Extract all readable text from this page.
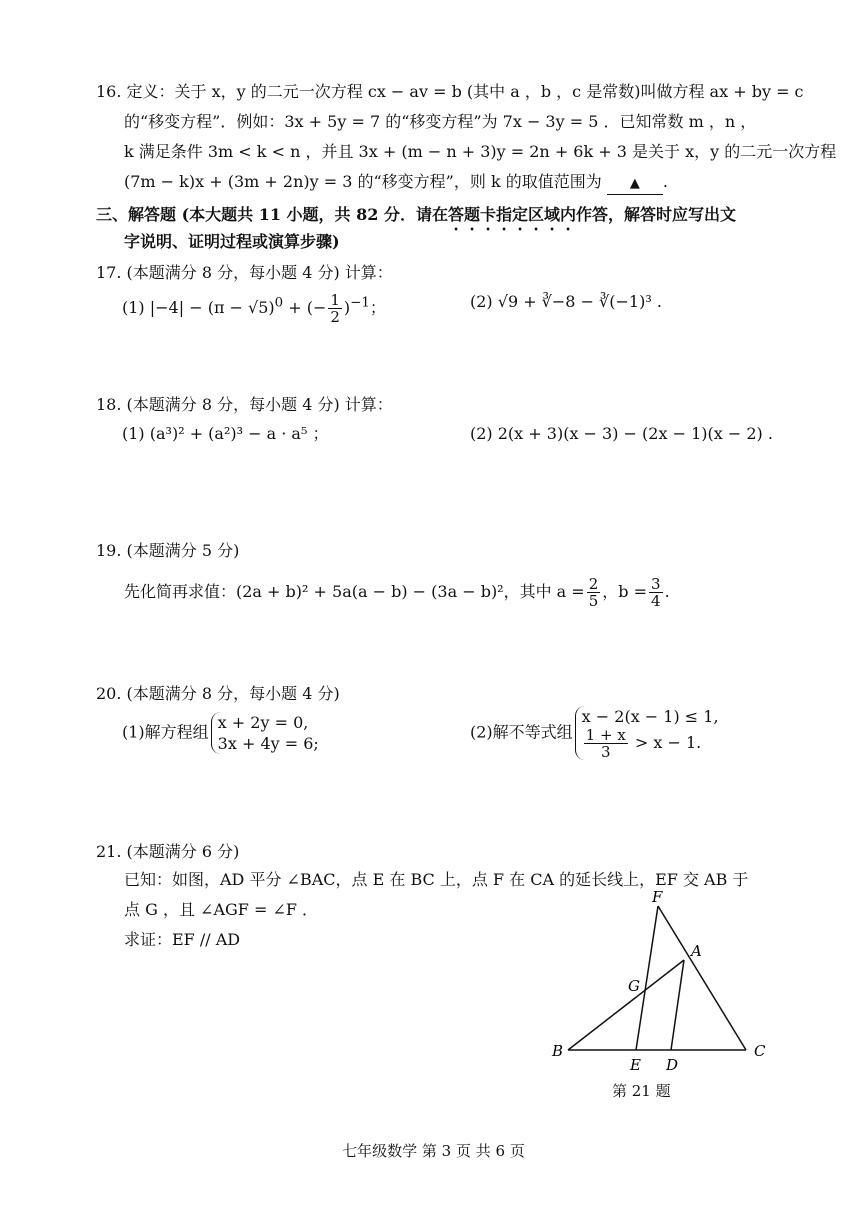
16. 定义：关于 x，y 的二元一次方程 cx − av = b (其中 a ，b ，c 是常数)叫做方程 ax + by = c
的“移变方程”．例如：3x + 5y = 7 的“移变方程”为 7x − 3y = 5 ．已知常数 m ，n ，
k 满足条件 3m < k < n ，并且 3x + (m − n + 3)y = 2n + 6k + 3 是关于 x，y 的二元一次方程
(7m − k)x + (3m + 2n)y = 3 的“移变方程”，则 k 的取值范围为 ▲ .
三、解答题 (本大题共 11 小题，共 82 分．请在答题卡指定区域内作答，解答时应写出文
字说明、证明过程或演算步骤)
17. (本题满分 8 分，每小题 4 分) 计算：
(1) $|-4| - (\pi - √5)^0$ + (− $\frac{1}{2} )^{-1}$；	(2) √9 + ∛−8 − ∛(−1)³ .
18. (本题满分 8 分，每小题 4 分) 计算：
(1) (a³)² + (a²)³ − a · a⁵ ；	(2) 2(x + 3)(x − 3) − (2x − 1)(x − 2) .
19. (本题满分 5 分)
先化简再求值：(2a + b)² + 5a(a − b) − (3a − b)²，其中 $a = \frac{2}{5}$ ，$b = \frac{3}{4}$ .
20. (本题满分 8 分，每小题 4 分)
(1)解方程组 x + 2y = 0,
3x + 4y = 6;
(2)解不等式组
x − 2(x − 1) ≤ 1,
$\frac{1 + x}{3} > x - 1$.
21. (本题满分 6 分)
已知：如图，AD 平分 ∠BAC，点 E 在 BC 上，点 F 在 CA 的延长线上，EF 交 AB 于
点 G ，且 ∠AGF = ∠F ．
求证：EF // AD
F
A
G
B
E D
C
第 21 题
七年级数学 第 3 页 共 6 页
